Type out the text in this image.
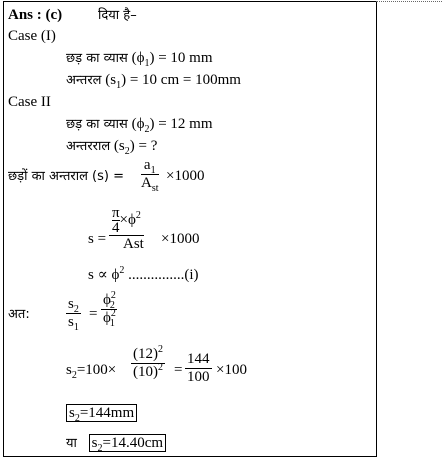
Ans : (c)	दिया है–
Case (I)
छड़ का व्यास $(\phi_1) = 10$ mm
अन्तरल $(s_1) = 10$ cm = 100mm
Case II
छड़ का व्यास $(\phi_2) = 12$ mm
अन्तरराल $(s_2)$ = ?
छड़ों का अन्तराल (s) =
$a_1$
$A_{st}$
×1000
s =
$\frac{\pi}{4} \times\phi^2$
Ast ×1000
$s \propto \phi^2$ ...............(i)
अत: $\frac{s_2}{s_1} = \frac{\phi^2_2}{\phi^2_1}$
$s_2=100\times \frac{(12)^2}{(10)^2} = \frac{144}{100} \times 100$
$s_2=144mm$
या $s_2=14.40cm$
